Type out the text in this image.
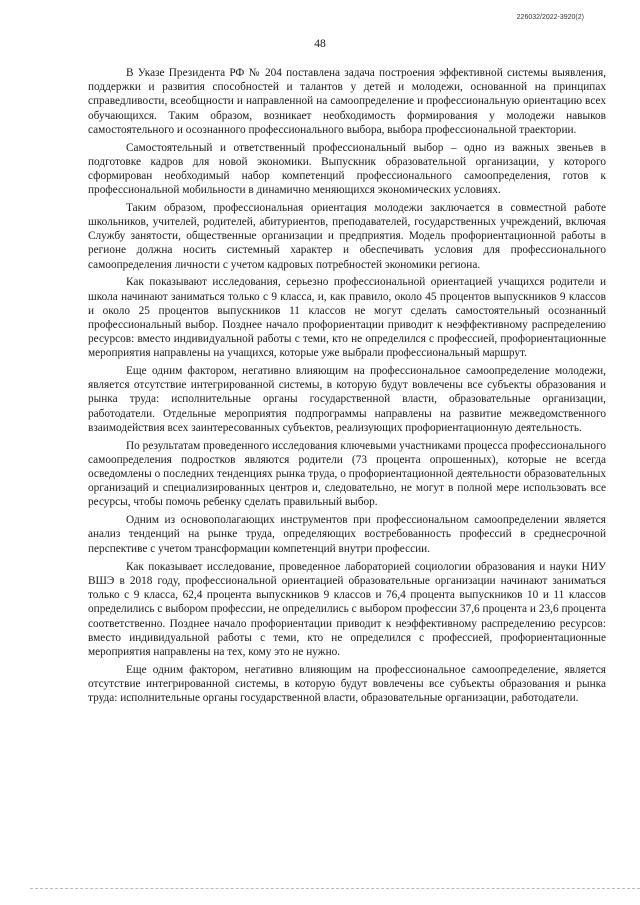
226032/2022-3920(2)
48

В Указе Президента РФ № 204 поставлена задача построения эффективной системы выявления, поддержки и развития способностей и талантов у детей и молодежи, основанной на принципах справедливости, всеобщности и направленной на самоопределение и профессиональную ориентацию всех обучающихся. Таким образом, возникает необходимость формирования у молодежи навыков самостоятельного и осознанного профессионального выбора, выбора профессиональной траектории.

Самостоятельный и ответственный профессиональный выбор – одно из важных звеньев в подготовке кадров для новой экономики. Выпускник образовательной организации, у которого сформирован необходимый набор компетенций профессионального самоопределения, готов к профессиональной мобильности в динамично меняющихся экономических условиях.

Таким образом, профессиональная ориентация молодежи заключается в совместной работе школьников, учителей, родителей, абитуриентов, преподавателей, государственных учреждений, включая Службу занятости, общественные организации и предприятия. Модель профориентационной работы в регионе должна носить системный характер и обеспечивать условия для профессионального самоопределения личности с учетом кадровых потребностей экономики региона.

Как показывают исследования, серьезно профессиональной ориентацией учащихся родители и школа начинают заниматься только с 9 класса, и, как правило, около 45 процентов выпускников 9 классов и около 25 процентов выпускников 11 классов не могут сделать самостоятельный осознанный профессиональный выбор. Позднее начало профориентации приводит к неэффективному распределению ресурсов: вместо индивидуальной работы с теми, кто не определился с профессией, профориентационные мероприятия направлены на учащихся, которые уже выбрали профессиональный маршрут.

Еще одним фактором, негативно влияющим на профессиональное самоопределение молодежи, является отсутствие интегрированной системы, в которую будут вовлечены все субъекты образования и рынка труда: исполнительные органы государственной власти, образовательные организации, работодатели. Отдельные мероприятия подпрограммы направлены на развитие межведомственного взаимодействия всех заинтересованных субъектов, реализующих профориентационную деятельность.

По результатам проведенного исследования ключевыми участниками процесса профессионального самоопределения подростков являются родители (73 процента опрошенных), которые не всегда осведомлены о последних тенденциях рынка труда, о профориентационной деятельности образовательных организаций и специализированных центров и, следовательно, не могут в полной мере использовать все ресурсы, чтобы помочь ребенку сделать правильный выбор.

Одним из основополагающих инструментов при профессиональном самоопределении является анализ тенденций на рынке труда, определяющих востребованность профессий в среднесрочной перспективе с учетом трансформации компетенций внутри профессии.

Как показывает исследование, проведенное лабораторией социологии образования и науки НИУ ВШЭ в 2018 году, профессиональной ориентацией образовательные организации начинают заниматься только с 9 класса, 62,4 процента выпускников 9 классов и 76,4 процента выпускников 10 и 11 классов определились с выбором профессии, не определились с выбором профессии 37,6 процента и 23,6 процента соответственно. Позднее начало профориентации приводит к неэффективному распределению ресурсов: вместо индивидуальной работы с теми, кто не определился с профессией, профориентационные мероприятия направлены на тех, кому это не нужно.

Еще одним фактором, негативно влияющим на профессиональное самоопределение, является отсутствие интегрированной системы, в которую будут вовлечены все субъекты образования и рынка труда: исполнительные органы государственной власти, образовательные организации, работодатели.
